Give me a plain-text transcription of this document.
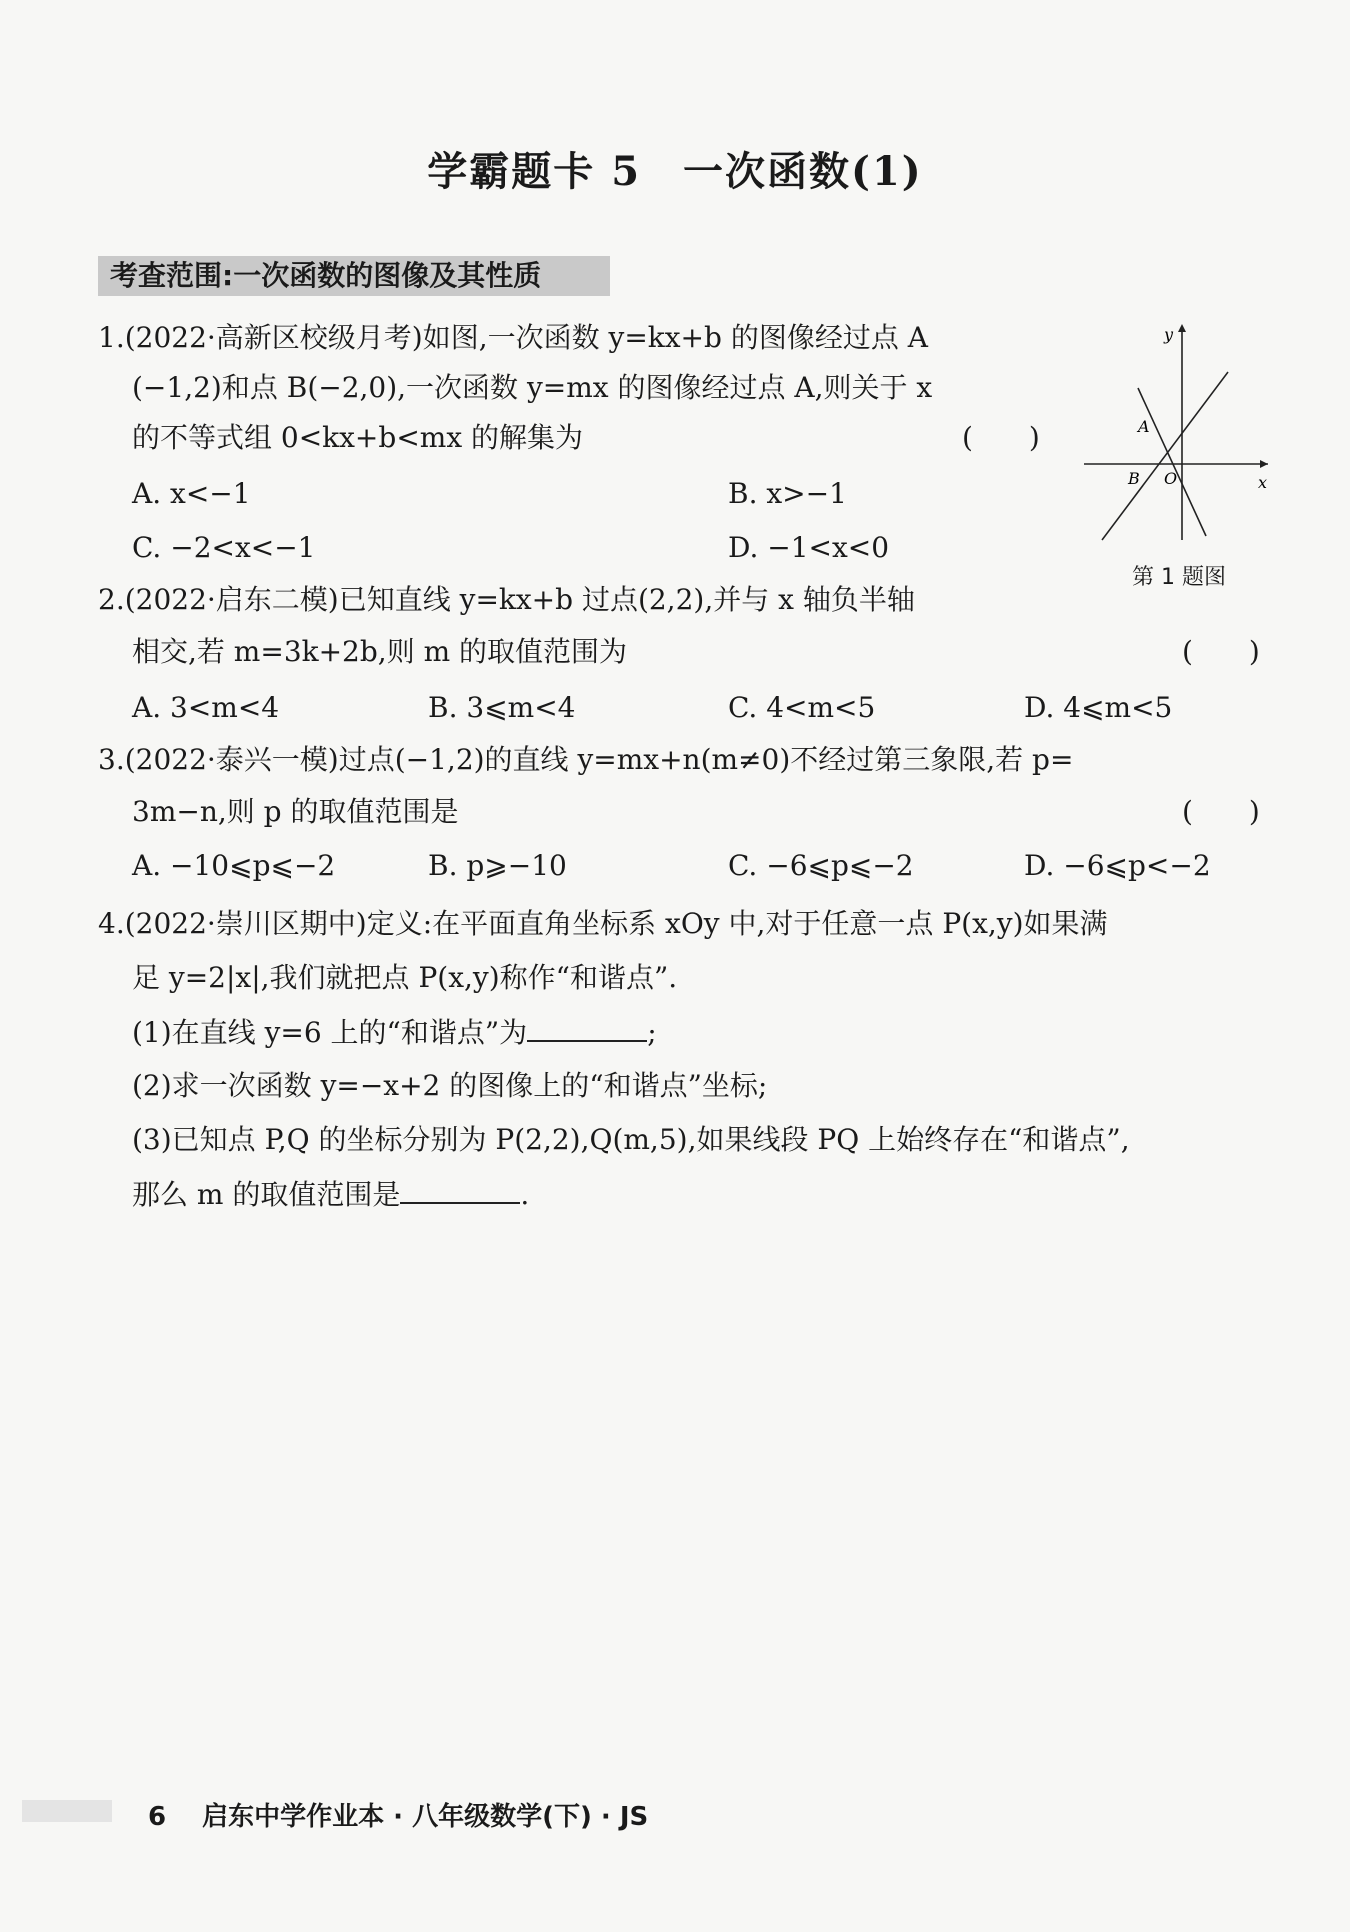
学霸题卡 5　一次函数(1)
考查范围:一次函数的图像及其性质
1.(2022·高新区校级月考)如图,一次函数 y=kx+b 的图像经过点 A
(−1,2)和点 B(−2,0),一次函数 y=mx 的图像经过点 A,则关于 x
的不等式组 0<kx+b<mx 的解集为	(　　)
A. x<−1	B. x>−1
C. −2<x<−1	D. −1<x<0
x
y
A
B O
第 1 题图
2.(2022·启东二模)已知直线 y=kx+b 过点(2,2),并与 x 轴负半轴
相交,若 m=3k+2b,则 m 的取值范围为	(　　)
A. 3<m<4	B. 3⩽m<4	C. 4<m<5	D. 4⩽m<5
3.(2022·泰兴一模)过点(−1,2)的直线 y=mx+n(m≠0)不经过第三象限,若 p=
3m−n,则 p 的取值范围是	(　　)
A. −10⩽p⩽−2	B. p⩾−10	C. −6⩽p⩽−2	D. −6⩽p<−2
4.(2022·崇川区期中)定义:在平面直角坐标系 xOy 中,对于任意一点 P(x,y)如果满
足 y=2|x|,我们就把点 P(x,y)称作“和谐点”.
(1)在直线 y=6 上的“和谐点”为	;
(2)求一次函数 y=−x+2 的图像上的“和谐点”坐标;
(3)已知点 P,Q 的坐标分别为 P(2,2),Q(m,5),如果线段 PQ 上始终存在“和谐点”,
那么 m 的取值范围是	.
6 启东中学作业本 · 八年级数学(下) · JS
